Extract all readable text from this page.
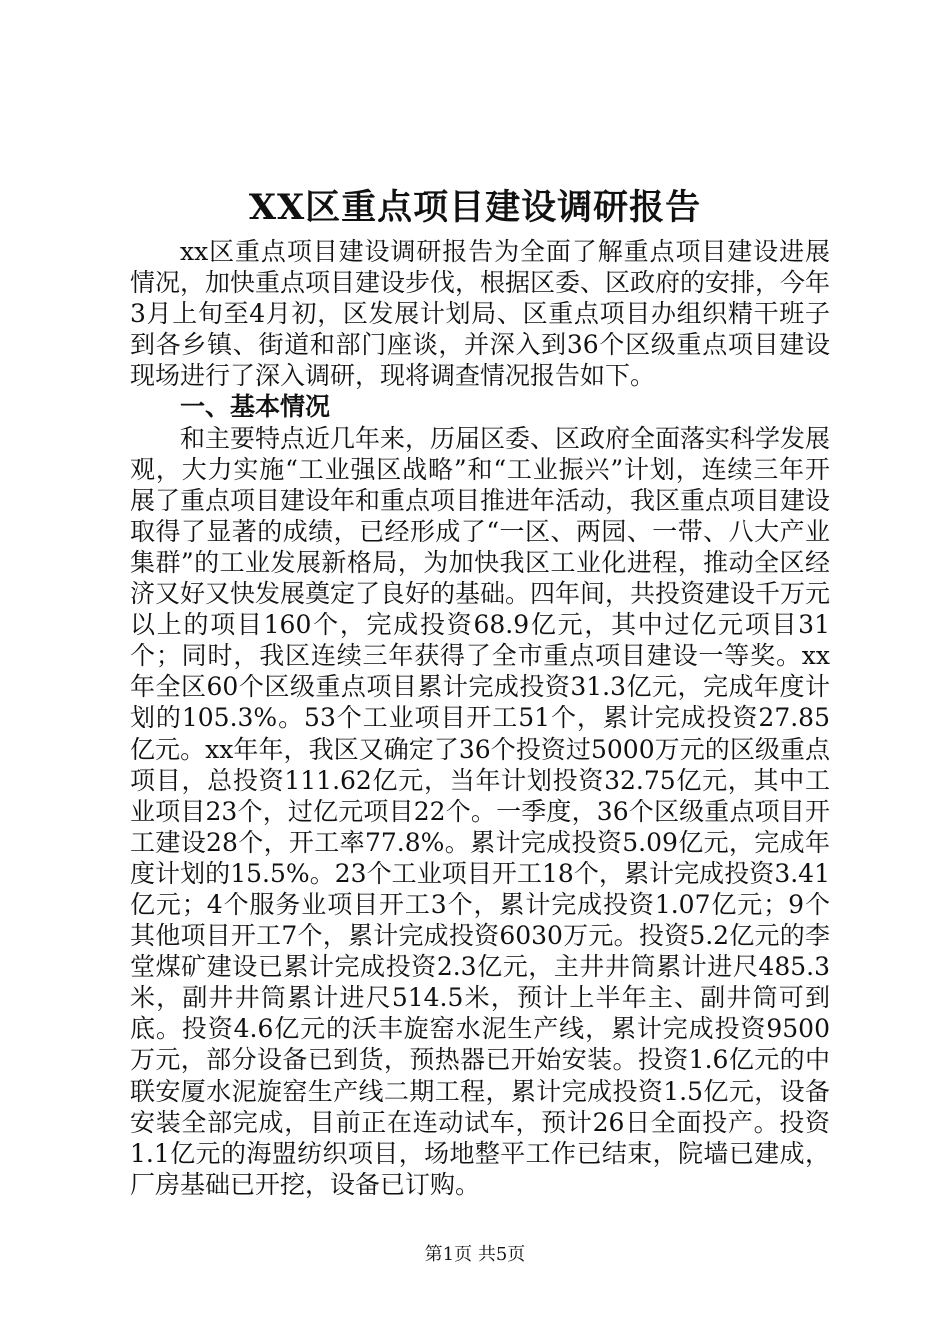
XX区重点项目建设调研报告

xx区重点项目建设调研报告为全面了解重点项目建设进展情况，加快重点项目建设步伐，根据区委、区政府的安排，今年3月上旬至4月初，区发展计划局、区重点项目办组织精干班子到各乡镇、街道和部门座谈，并深入到36个区级重点项目建设现场进行了深入调研，现将调查情况报告如下。

一、基本情况

和主要特点近几年来，历届区委、区政府全面落实科学发展观，大力实施“工业强区战略”和“工业振兴”计划，连续三年开展了重点项目建设年和重点项目推进年活动，我区重点项目建设取得了显著的成绩，已经形成了“一区、两园、一带、八大产业集群”的工业发展新格局，为加快我区工业化进程，推动全区经济又好又快发展奠定了良好的基础。四年间，共投资建设千万元以上的项目160个，完成投资68.9亿元，其中过亿元项目31个；同时，我区连续三年获得了全市重点项目建设一等奖。xx年全区60个区级重点项目累计完成投资31.3亿元，完成年度计划的105.3%。53个工业项目开工51个，累计完成投资27.85亿元。xx年年，我区又确定了36个投资过5000万元的区级重点项目，总投资111.62亿元，当年计划投资32.75亿元，其中工业项目23个，过亿元项目22个。一季度，36个区级重点项目开工建设28个，开工率77.8%。累计完成投资5.09亿元，完成年度计划的15.5%。23个工业项目开工18个，累计完成投资3.41亿元；4个服务业项目开工3个，累计完成投资1.07亿元；9个其他项目开工7个，累计完成投资6030万元。投资5.2亿元的李堂煤矿建设已累计完成投资2.3亿元，主井井筒累计进尺485.3米，副井井筒累计进尺514.5米，预计上半年主、副井筒可到底。投资4.6亿元的沃丰旋窑水泥生产线，累计完成投资9500万元，部分设备已到货，预热器已开始安装。投资1.6亿元的中联安厦水泥旋窑生产线二期工程，累计完成投资1.5亿元，设备安装全部完成，目前正在连动试车，预计26日全面投产。投资1.1亿元的海盟纺织项目，场地整平工作已结束，院墙已建成，厂房基础已开挖，设备已订购。

第1页 共5页
